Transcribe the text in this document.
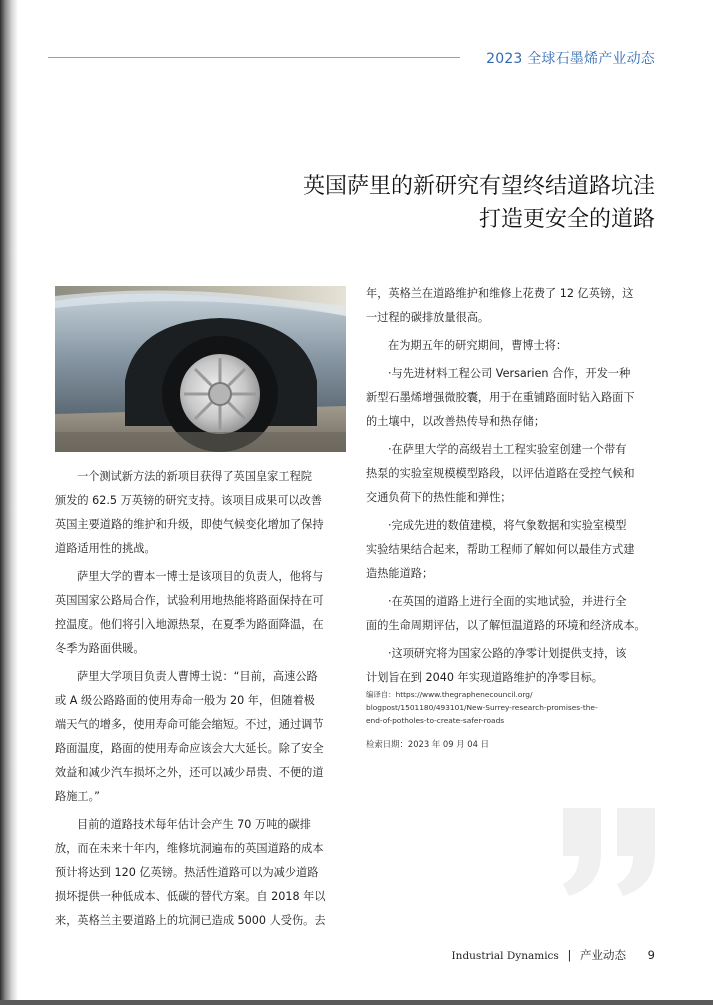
2023 全球石墨烯产业动态
英国萨里的新研究有望终结道路坑洼
打造更安全的道路

一个测试新方法的新项目获得了英国皇家工程院
颁发的 62.5 万英镑的研究支持。该项目成果可以改善
英国主要道路的维护和升级，即使气候变化增加了保持
道路适用性的挑战。

萨里大学的曹本一博士是该项目的负责人，他将与
英国国家公路局合作，试验利用地热能将路面保持在可
控温度。他们将引入地源热泵，在夏季为路面降温，在
冬季为路面供暖。

萨里大学项目负责人曹博士说：“目前，高速公路
或 A 级公路路面的使用寿命一般为 20 年，但随着极
端天气的增多，使用寿命可能会缩短。不过，通过调节
路面温度，路面的使用寿命应该会大大延长。除了安全
效益和减少汽车损坏之外，还可以减少昂贵、不便的道
路施工。”

目前的道路技术每年估计会产生 70 万吨的碳排
放，而在未来十年内，维修坑洞遍布的英国道路的成本
预计将达到 120 亿英镑。热活性道路可以为减少道路
损坏提供一种低成本、低碳的替代方案。自 2018 年以
来，英格兰主要道路上的坑洞已造成 5000 人受伤。去

年，英格兰在道路维护和维修上花费了 12 亿英镑，这
一过程的碳排放量很高。

在为期五年的研究期间，曹博士将：

·与先进材料工程公司 Versarien 合作，开发一种
新型石墨烯增强微胶囊，用于在重铺路面时钻入路面下
的土壤中，以改善热传导和热存储；

·在萨里大学的高级岩土工程实验室创建一个带有
热泵的实验室规模模型路段，以评估道路在受控气候和
交通负荷下的热性能和弹性；

·完成先进的数值建模，将气象数据和实验室模型
实验结果结合起来，帮助工程师了解如何以最佳方式建
造热能道路；

·在英国的道路上进行全面的实地试验，并进行全
面的生命周期评估，以了解恒温道路的环境和经济成本。

·这项研究将为国家公路的净零计划提供支持，该
计划旨在到 2040 年实现道路维护的净零目标。

编译自：https://www.thegraphenecouncil.org/
blogpost/1501180/493101/New-Surrey-research-promises-the-
end-of-potholes-to-create-safer-roads
检索日期：2023 年 09 月 04 日
Industrial Dynamics | 产业动态 9
